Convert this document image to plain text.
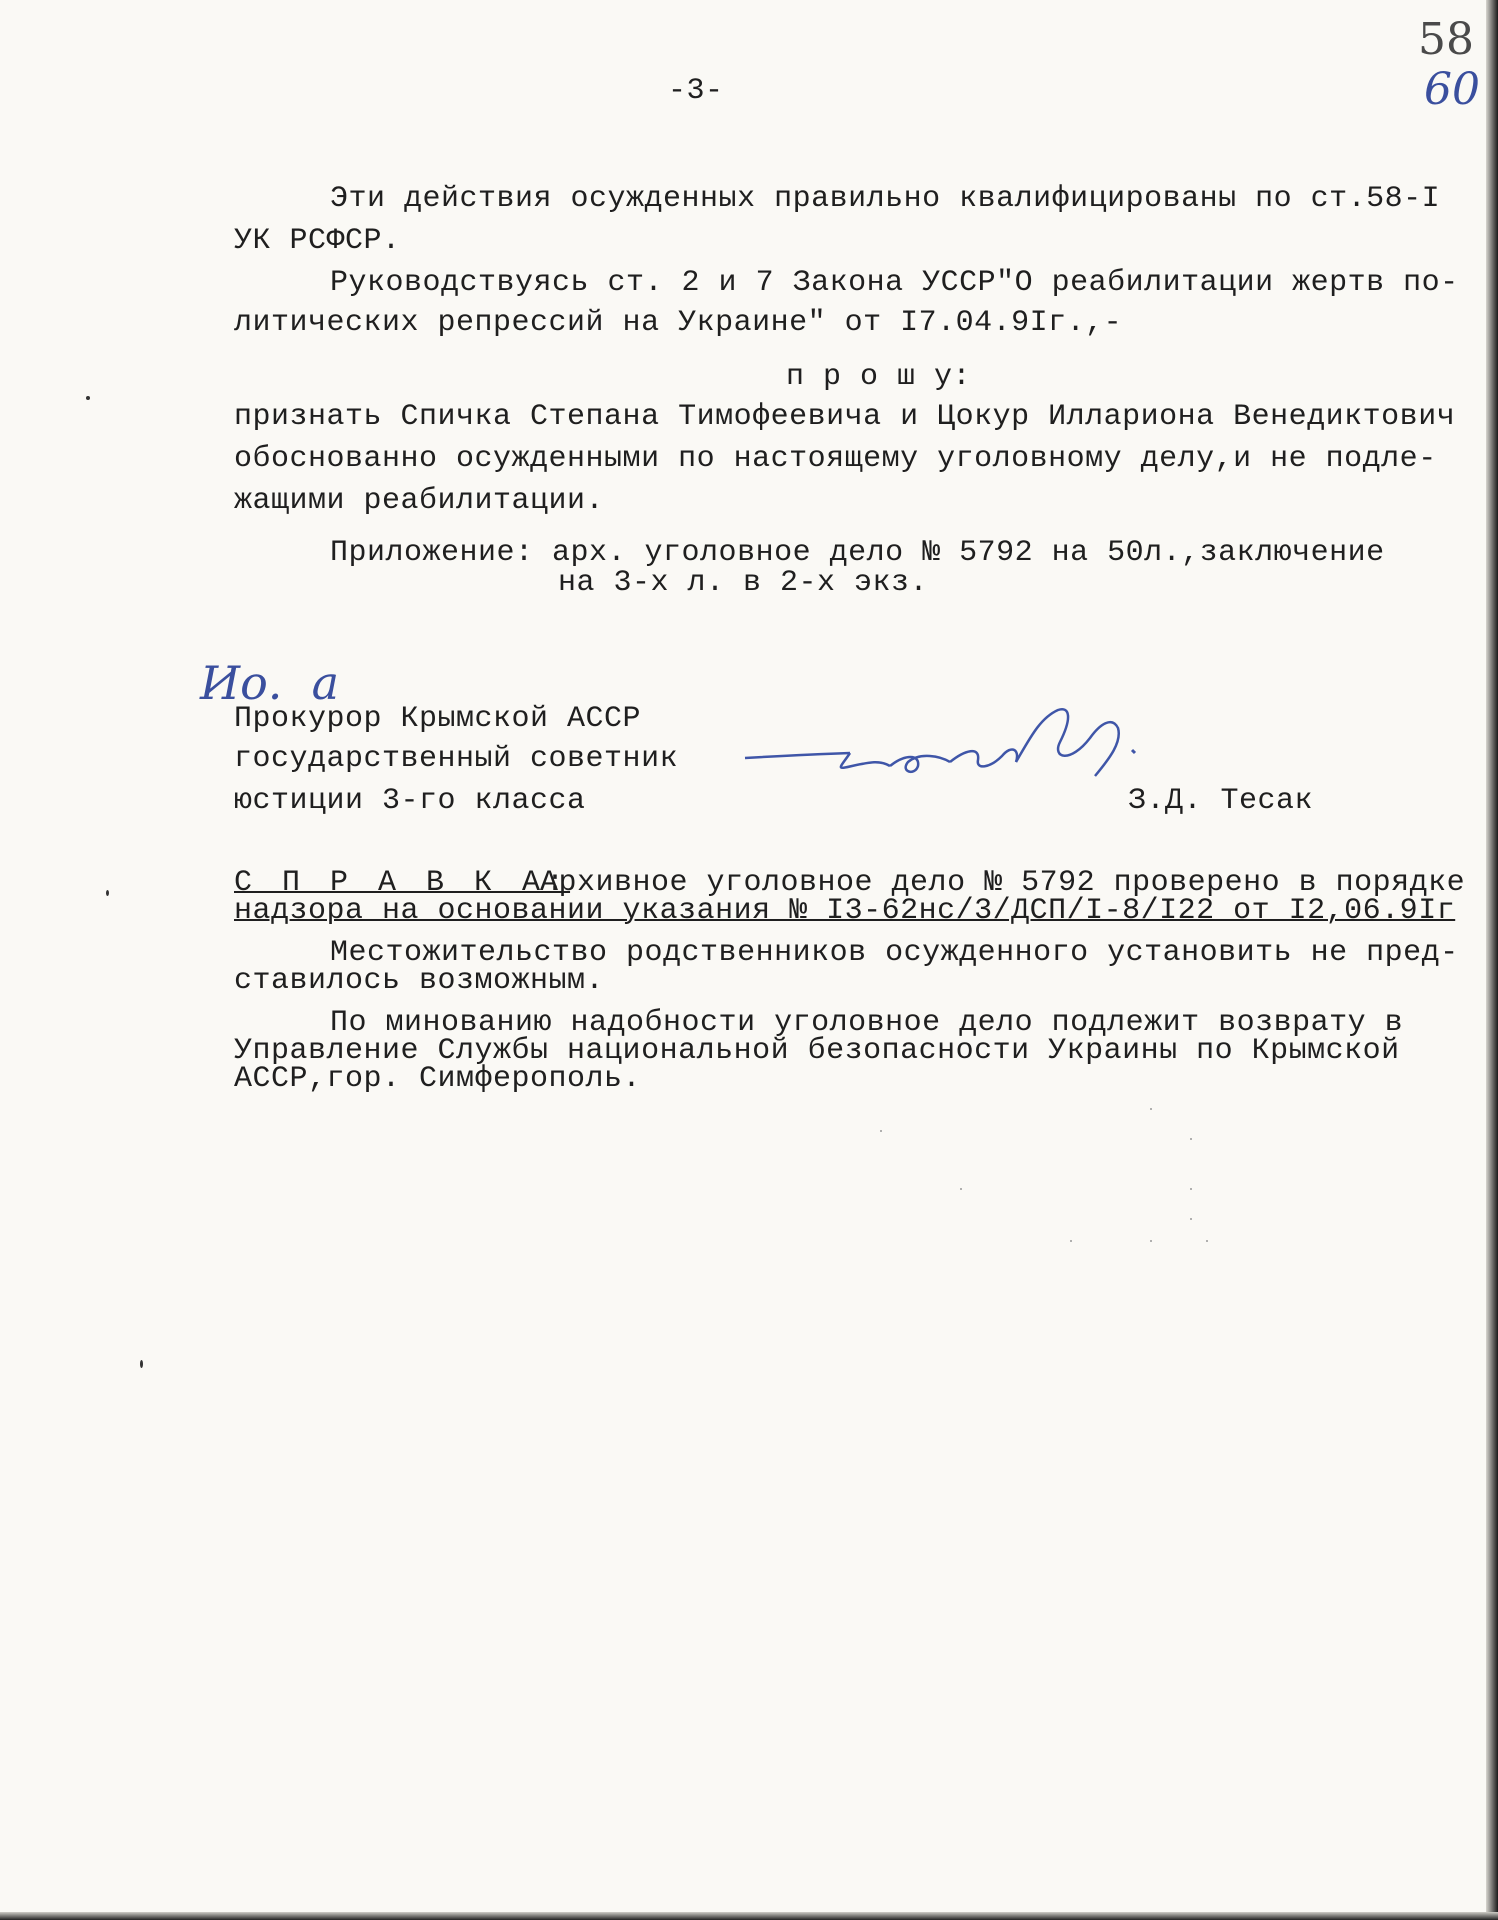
58
60
-3-
Эти действия осужденных правильно квалифицированы по ст.58-I
УК РСФСР.
Руководствуясь ст. 2 и 7 Закона УССР"О реабилитации жертв по-
литических репрессий на Украине" от I7.04.9Iг.,-
п р о ш у:
признать Спичка Степана Тимофеевича и Цокур Иллариона Венедиктович
обоснованно осужденными по настоящему уголовному делу,и не подле-
жащими реабилитации.
Приложение: арх. уголовное дело № 5792 на 50л.,заключение
на 3-х л. в 2-х экз.
Ио.  а
Прокурор Крымской АССР
государственный советник
юстиции 3-го класса	З.Д. Тесак
С П Р А В К А:
Архивное уголовное дело № 5792 проверено в порядке
надзора на основании указания № I3-62нс/3/ДСП/I-8/I22 от I2,06.9Iг
Местожительство родственников осужденного установить не пред-
ставилось возможным.
По минованию надобности уголовное дело подлежит возврату в
Управление Службы национальной безопасности Украины по Крымской
АССР,гор. Симферополь.
